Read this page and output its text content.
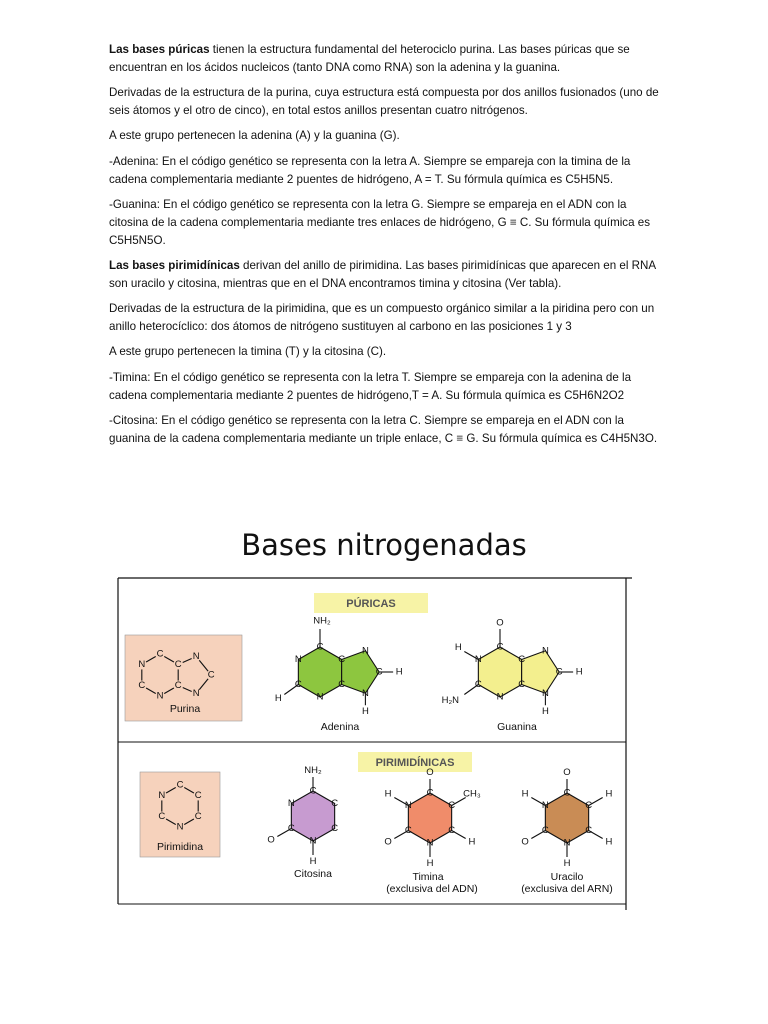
Las bases púricas tienen la estructura fundamental del heterociclo purina. Las bases púricas que se encuentran en los ácidos nucleicos (tanto DNA como RNA) son la adenina y la guanina.

Derivadas de la estructura de la purina, cuya estructura está compuesta por dos anillos fusionados (uno de seis átomos y el otro de cinco), en total estos anillos presentan cuatro nitrógenos.

A este grupo pertenecen la adenina (A) y la guanina (G).

-Adenina: En el código genético se representa con la letra A. Siempre se empareja con la timina de la cadena complementaria mediante 2 puentes de hidrógeno, A = T. Su fórmula química es C5H5N5.

-Guanina: En el código genético se representa con la letra G. Siempre se empareja en el ADN con la citosina de la cadena complementaria mediante tres enlaces de hidrógeno, G ≡ C. Su fórmula química es C5H5N5O.

Las bases pirimidínicas derivan del anillo de pirimidina. Las bases pirimidínicas que aparecen en el RNA son uracilo y citosina, mientras que en el DNA encontramos timina y citosina (Ver tabla).

Derivadas de la estructura de la pirimidina, que es un compuesto orgánico similar a la piridina pero con un anillo heterocíclico: dos átomos de nitrógeno sustituyen al carbono en las posiciones 1 y 3

A este grupo pertenecen la timina (T) y la citosina (C).

-Timina: En el código genético se representa con la letra T. Siempre se empareja con la adenina de la cadena complementaria mediante 2 puentes de hidrógeno,T = A. Su fórmula química es C5H6N2O2

-Citosina: En el código genético se representa con la letra C. Siempre se empareja en el ADN con la guanina de la cadena complementaria mediante un triple enlace, C ≡ G. Su fórmula química es C4H5N3O.

Bases nitrogenadas
PÚRICAS
PIRIMIDÍNICAS
C
C
C
N
C
N
N
C
N
C
C
C
N
C
N
NH₂
H
H
H
C
C
C
N
C
N
N
C
N
O
H
H₂N
H
H
C
C
C
N
C
N
N
C
N
NH₂
O
H
C
C
C
N
C
N
O
CH₃
H
O
H
H
C
C
C
N
C
N
O
H
H
O
H
H
C
C
C
N
C
N
Purina
Adenina	Guanina
Pirimidina
Citosina	Timina
(exclusiva del ADN)
Uracilo
(exclusiva del ARN)
